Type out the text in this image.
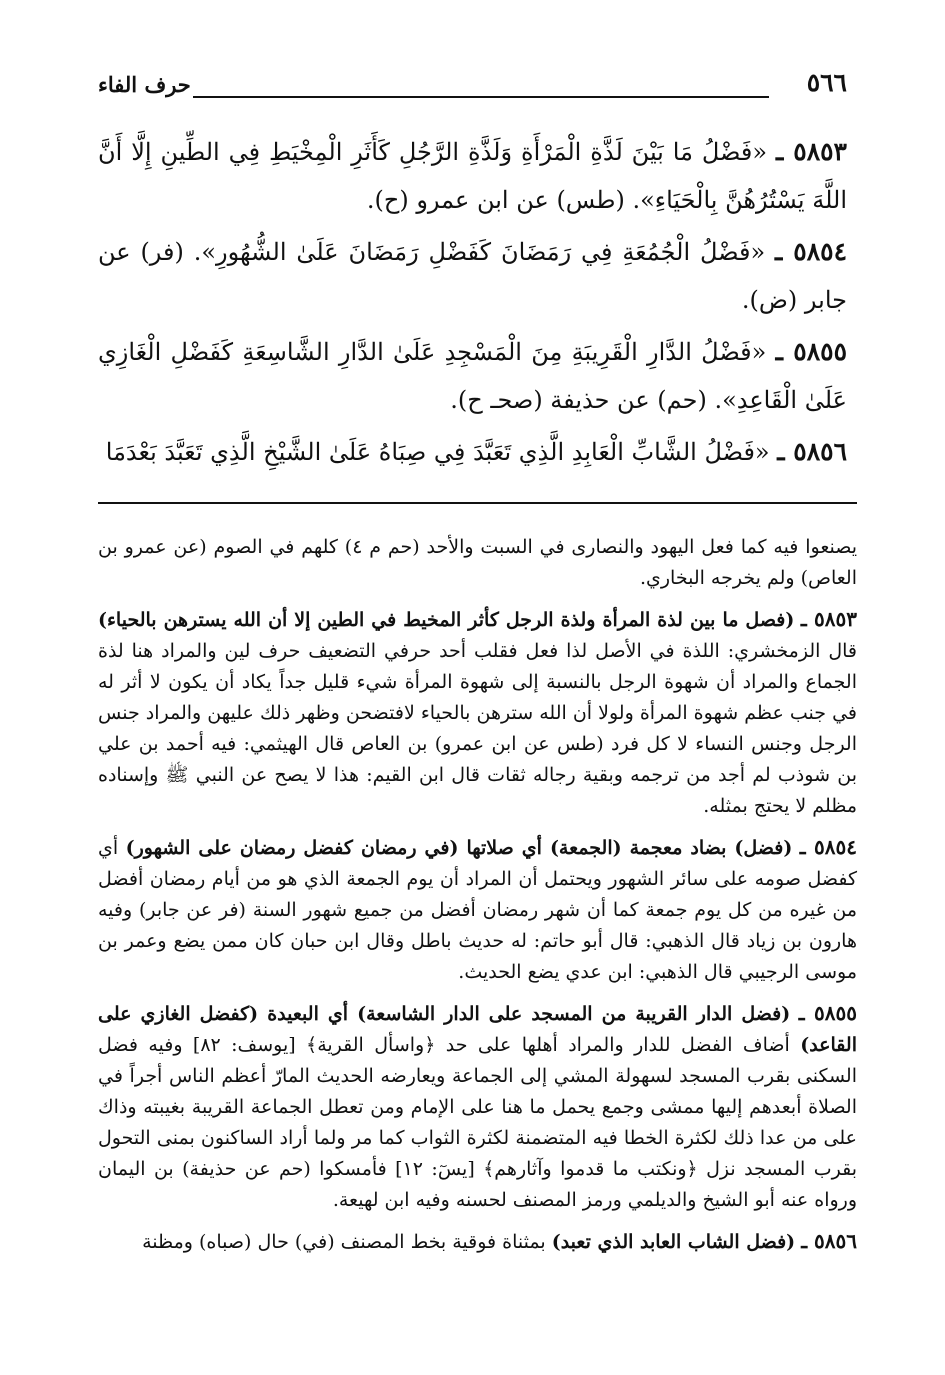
٥٦٦
حرف الفاء
٥٨٥٣ ـ «فَضْلُ مَا بَيْنَ لَذَّةِ الْمَرْأَةِ وَلَذَّةِ الرَّجُلِ كَأَثَرِ الْمِخْيَطِ فِي الطِّينِ إِلَّا أَنَّ اللَّهَ يَسْتُرُهُنَّ بِالْحَيَاءِ». (طس) عن ابن عمرو (ح).
٥٨٥٤ ـ «فَضْلُ الْجُمُعَةِ فِي رَمَضَانَ كَفَضْلِ رَمَضَانَ عَلَىٰ الشُّهُورِ». (فر) عن جابر (ض).
٥٨٥٥ ـ «فَضْلُ الدَّارِ الْقَرِيبَةِ مِنَ الْمَسْجِدِ عَلَىٰ الدَّارِ الشَّاسِعَةِ كَفَضْلِ الْغَازِي عَلَىٰ الْقَاعِدِ». (حم) عن حذيفة (صحـ ح).
٥٨٥٦ ـ «فَضْلُ الشَّابِّ الْعَابِدِ الَّذِي تَعَبَّدَ فِي صِبَاهُ عَلَىٰ الشَّيْخِ الَّذِي تَعَبَّدَ بَعْدَمَا

يصنعوا فيه كما فعل اليهود والنصارى في السبت والأحد (حم م ٤) كلهم في الصوم (عن عمرو بن العاص) ولم يخرجه البخاري.

٥٨٥٣ ـ (فصل ما بين لذة المرأة ولذة الرجل كأثر المخيط في الطين إلا أن الله يسترهن بالحياء) قال الزمخشري: اللذة في الأصل لذا فعل فقلب أحد حرفي التضعيف حرف لين والمراد هنا لذة الجماع والمراد أن شهوة الرجل بالنسبة إلى شهوة المرأة شيء قليل جداً يكاد أن يكون لا أثر له في جنب عظم شهوة المرأة ولولا أن الله سترهن بالحياء لافتضحن وظهر ذلك عليهن والمراد جنس الرجل وجنس النساء لا كل فرد (طس عن ابن عمرو) بن العاص قال الهيثمي: فيه أحمد بن علي بن شوذب لم أجد من ترجمه وبقية رجاله ثقات قال ابن القيم: هذا لا يصح عن النبي ﷺ وإسناده مظلم لا يحتج بمثله.

٥٨٥٤ ـ (فضل) بضاد معجمة (الجمعة) أي صلاتها (في رمضان كفضل رمضان على الشهور) أي كفضل صومه على سائر الشهور ويحتمل أن المراد أن يوم الجمعة الذي هو من أيام رمضان أفضل من غيره من كل يوم جمعة كما أن شهر رمضان أفضل من جميع شهور السنة (فر عن جابر) وفيه هارون بن زياد قال الذهبي: قال أبو حاتم: له حديث باطل وقال ابن حبان كان ممن يضع وعمر بن موسى الرجيبي قال الذهبي: ابن عدي يضع الحديث.

٥٨٥٥ ـ (فضل الدار القريبة من المسجد على الدار الشاسعة) أي البعيدة (كفضل الغازي على القاعد) أضاف الفضل للدار والمراد أهلها على حد ﴿واسأل القرية﴾ [يوسف: ٨٢] وفيه فضل السكنى بقرب المسجد لسهولة المشي إلى الجماعة ويعارضه الحديث المارّ أعظم الناس أجراً في الصلاة أبعدهم إليها ممشى وجمع يحمل ما هنا على الإمام ومن تعطل الجماعة القريبة بغيبته وذاك على من عدا ذلك لكثرة الخطا فيه المتضمنة لكثرة الثواب كما مر ولما أراد الساكنون بمنى التحول بقرب المسجد نزل ﴿ونكتب ما قدموا وآثارهم﴾ [يسٓ: ١٢] فأمسكوا (حم عن حذيفة) بن اليمان ورواه عنه أبو الشيخ والديلمي ورمز المصنف لحسنه وفيه ابن لهيعة.

٥٨٥٦ ـ (فضل الشاب العابد الذي تعبد) بمثناة فوقية بخط المصنف (في) حال (صباه) ومظنة
